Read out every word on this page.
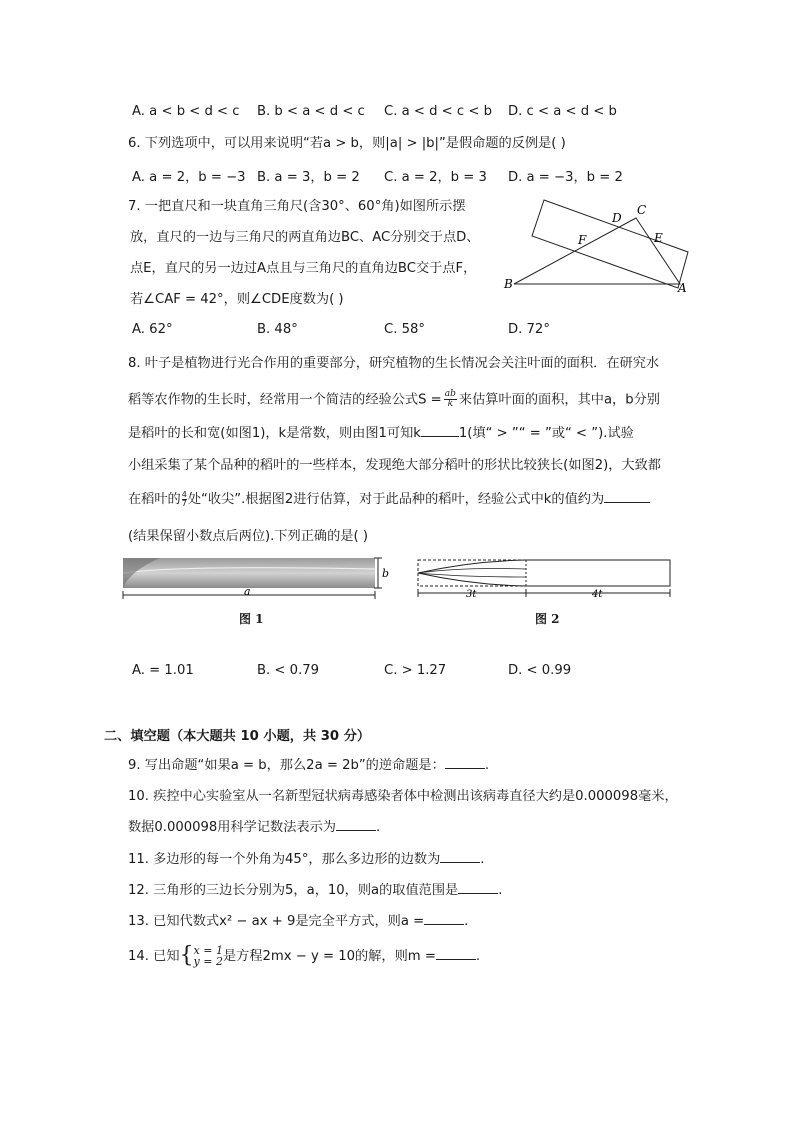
A. a < b < d < c B. b < a < d < c C. a < d < c < b D. c < a < d < b
6. 下列选项中，可以用来说明“若a > b，则|a| > |b|”是假命题的反例是( )
A. a = 2，b = −3 B. a = 3，b = 2 C. a = 2，b = 3 D. a = −3，b = 2
7. 一把直尺和一块直角三角尺(含30°、60°角)如图所示摆
放，直尺的一边与三角尺的两直角边BC、AC分别交于点D、
点E，直尺的另一边过A点且与三角尺的直角边BC交于点F，
若∠CAF = 42°，则∠CDE度数为( )
B	A
C
D
E
F
A. 62°	B. 48°	C. 58°	D. 72°
8. 叶子是植物进行光合作用的重要部分，研究植物的生长情况会关注叶面的面积．在研究水
稻等农作物的生长时，经常用一个简洁的经验公式$S = \frac{ab}{k}$ 来估算叶面的面积，其中a，b分别
是稻叶的长和宽(如图1)，k是常数，则由图1可知k	1(填“ > ”“ = ”或“ < ”).试验
小组采集了某个品种的稻叶的一些样本，发现绝大部分稻叶的形状比较狭长(如图2)，大致都
在稻叶的 $\frac{4}{7}$ 处“收尖”.根据图2进行估算，对于此品种的稻叶，经验公式中k的值约为
(结果保留小数点后两位).下列正确的是( )
b
a
图 1
3t	4t
图 2
A. = 1.01	B. < 0.79	C. > 1.27	D. < 0.99
二、填空题（本大题共 10 小题，共 30 分）
9. 写出命题“如果a = b，那么2a = 2b”的逆命题是：	.
10. 疾控中心实验室从一名新型冠状病毒感染者体中检测出该病毒直径大约是0.000098毫米，
数据0.000098用科学记数法表示为	.
11. 多边形的每一个外角为45°，那么多边形的边数为	.
12. 三角形的三边长分别为5，a，10，则a的取值范围是	.
13. 已知代数式x² − ax + 9是完全平方式，则a =	.
14. 已知{ x = 1
y = 2 是方程2mx − y = 10的解，则m =	.
